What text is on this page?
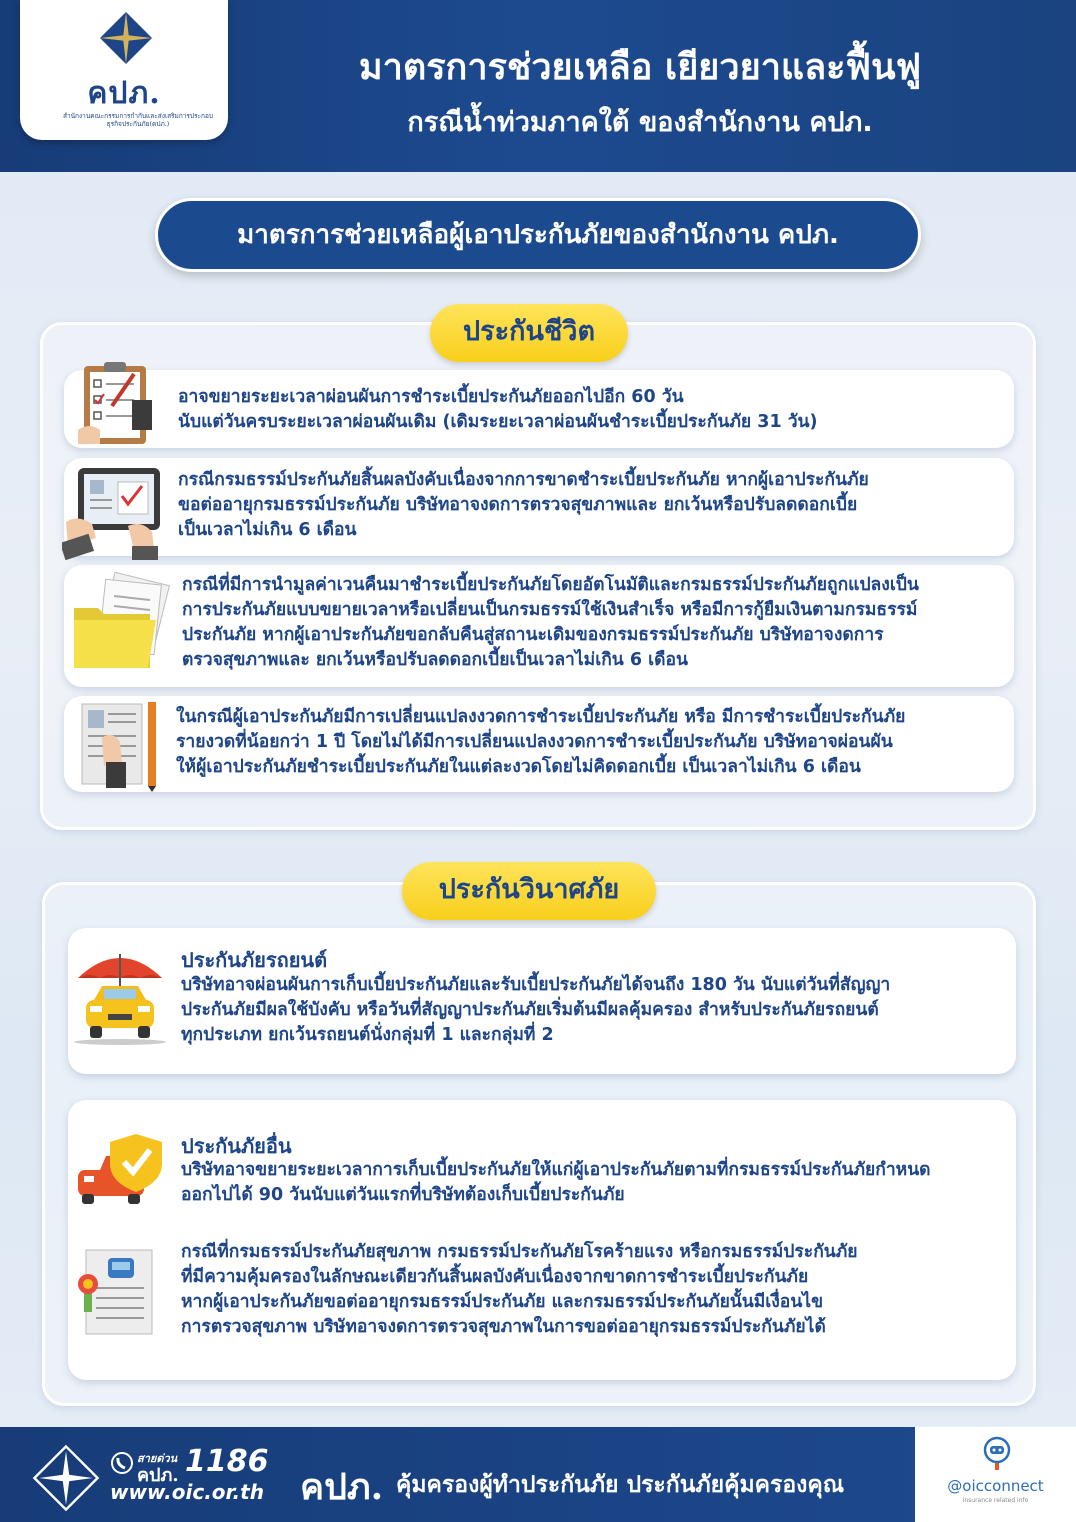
คปภ.
สำนักงานคณะกรรมการกำกับและส่งเสริมการประกอบธุรกิจประกันภัย(คปภ.)
มาตรการช่วยเหลือ เยียวยาและฟื้นฟู
กรณีน้ำท่วมภาคใต้ ของสำนักงาน คปภ.
มาตรการช่วยเหลือผู้เอาประกันภัยของสำนักงาน คปภ.
ประกันชีวิต
อาจขยายระยะเวลาผ่อนผันการชำระเบี้ยประกันภัยออกไปอีก 60 วัน
นับแต่วันครบระยะเวลาผ่อนผันเดิม (เดิมระยะเวลาผ่อนผันชำระเบี้ยประกันภัย 31 วัน)
กรณีกรมธรรม์ประกันภัยสิ้นผลบังคับเนื่องจากการขาดชำระเบี้ยประกันภัย หากผู้เอาประกันภัย
ขอต่ออายุกรมธรรม์ประกันภัย บริษัทอาจงดการตรวจสุขภาพและ ยกเว้นหรือปรับลดดอกเบี้ย
เป็นเวลาไม่เกิน 6 เดือน
กรณีที่มีการนำมูลค่าเวนคืนมาชำระเบี้ยประกันภัยโดยอัตโนมัติและกรมธรรม์ประกันภัยถูกแปลงเป็น
การประกันภัยแบบขยายเวลาหรือเปลี่ยนเป็นกรมธรรม์ใช้เงินสำเร็จ หรือมีการกู้ยืมเงินตามกรมธรรม์
ประกันภัย หากผู้เอาประกันภัยขอกลับคืนสู่สถานะเดิมของกรมธรรม์ประกันภัย บริษัทอาจงดการ
ตรวจสุขภาพและ ยกเว้นหรือปรับลดดอกเบี้ยเป็นเวลาไม่เกิน 6 เดือน
ในกรณีผู้เอาประกันภัยมีการเปลี่ยนแปลงงวดการชำระเบี้ยประกันภัย หรือ มีการชำระเบี้ยประกันภัย
รายงวดที่น้อยกว่า 1 ปี โดยไม่ได้มีการเปลี่ยนแปลงงวดการชำระเบี้ยประกันภัย บริษัทอาจผ่อนผัน
ให้ผู้เอาประกันภัยชำระเบี้ยประกันภัยในแต่ละงวดโดยไม่คิดดอกเบี้ย เป็นเวลาไม่เกิน 6 เดือน
ประกันวินาศภัย
ประกันภัยรถยนต์
บริษัทอาจผ่อนผันการเก็บเบี้ยประกันภัยและรับเบี้ยประกันภัยได้จนถึง 180 วัน นับแต่วันที่สัญญา
ประกันภัยมีผลใช้บังคับ หรือวันที่สัญญาประกันภัยเริ่มต้นมีผลคุ้มครอง สำหรับประกันภัยรถยนต์
ทุกประเภท ยกเว้นรถยนต์นั่งกลุ่มที่ 1 และกลุ่มที่ 2
ประกันภัยอื่น
บริษัทอาจขยายระยะเวลาการเก็บเบี้ยประกันภัยให้แก่ผู้เอาประกันภัยตามที่กรมธรรม์ประกันภัยกำหนด
ออกไปได้ 90 วันนับแต่วันแรกที่บริษัทต้องเก็บเบี้ยประกันภัย
กรณีที่กรมธรรม์ประกันภัยสุขภาพ กรมธรรม์ประกันภัยโรคร้ายแรง หรือกรมธรรม์ประกันภัย
ที่มีความคุ้มครองในลักษณะเดียวกันสิ้นผลบังคับเนื่องจากขาดการชำระเบี้ยประกันภัย
หากผู้เอาประกันภัยขอต่ออายุกรมธรรม์ประกันภัย และกรมธรรม์ประกันภัยนั้นมีเงื่อนไข
การตรวจสุขภาพ บริษัทอาจงดการตรวจสุขภาพในการขอต่ออายุกรมธรรม์ประกันภัยได้
สายด่วน
คปภ. 1186
www.oic.or.th คปภ. คุ้มครองผู้ทำประกันภัย ประกันภัยคุ้มครองคุณ	@oicconnect
insurance related info
